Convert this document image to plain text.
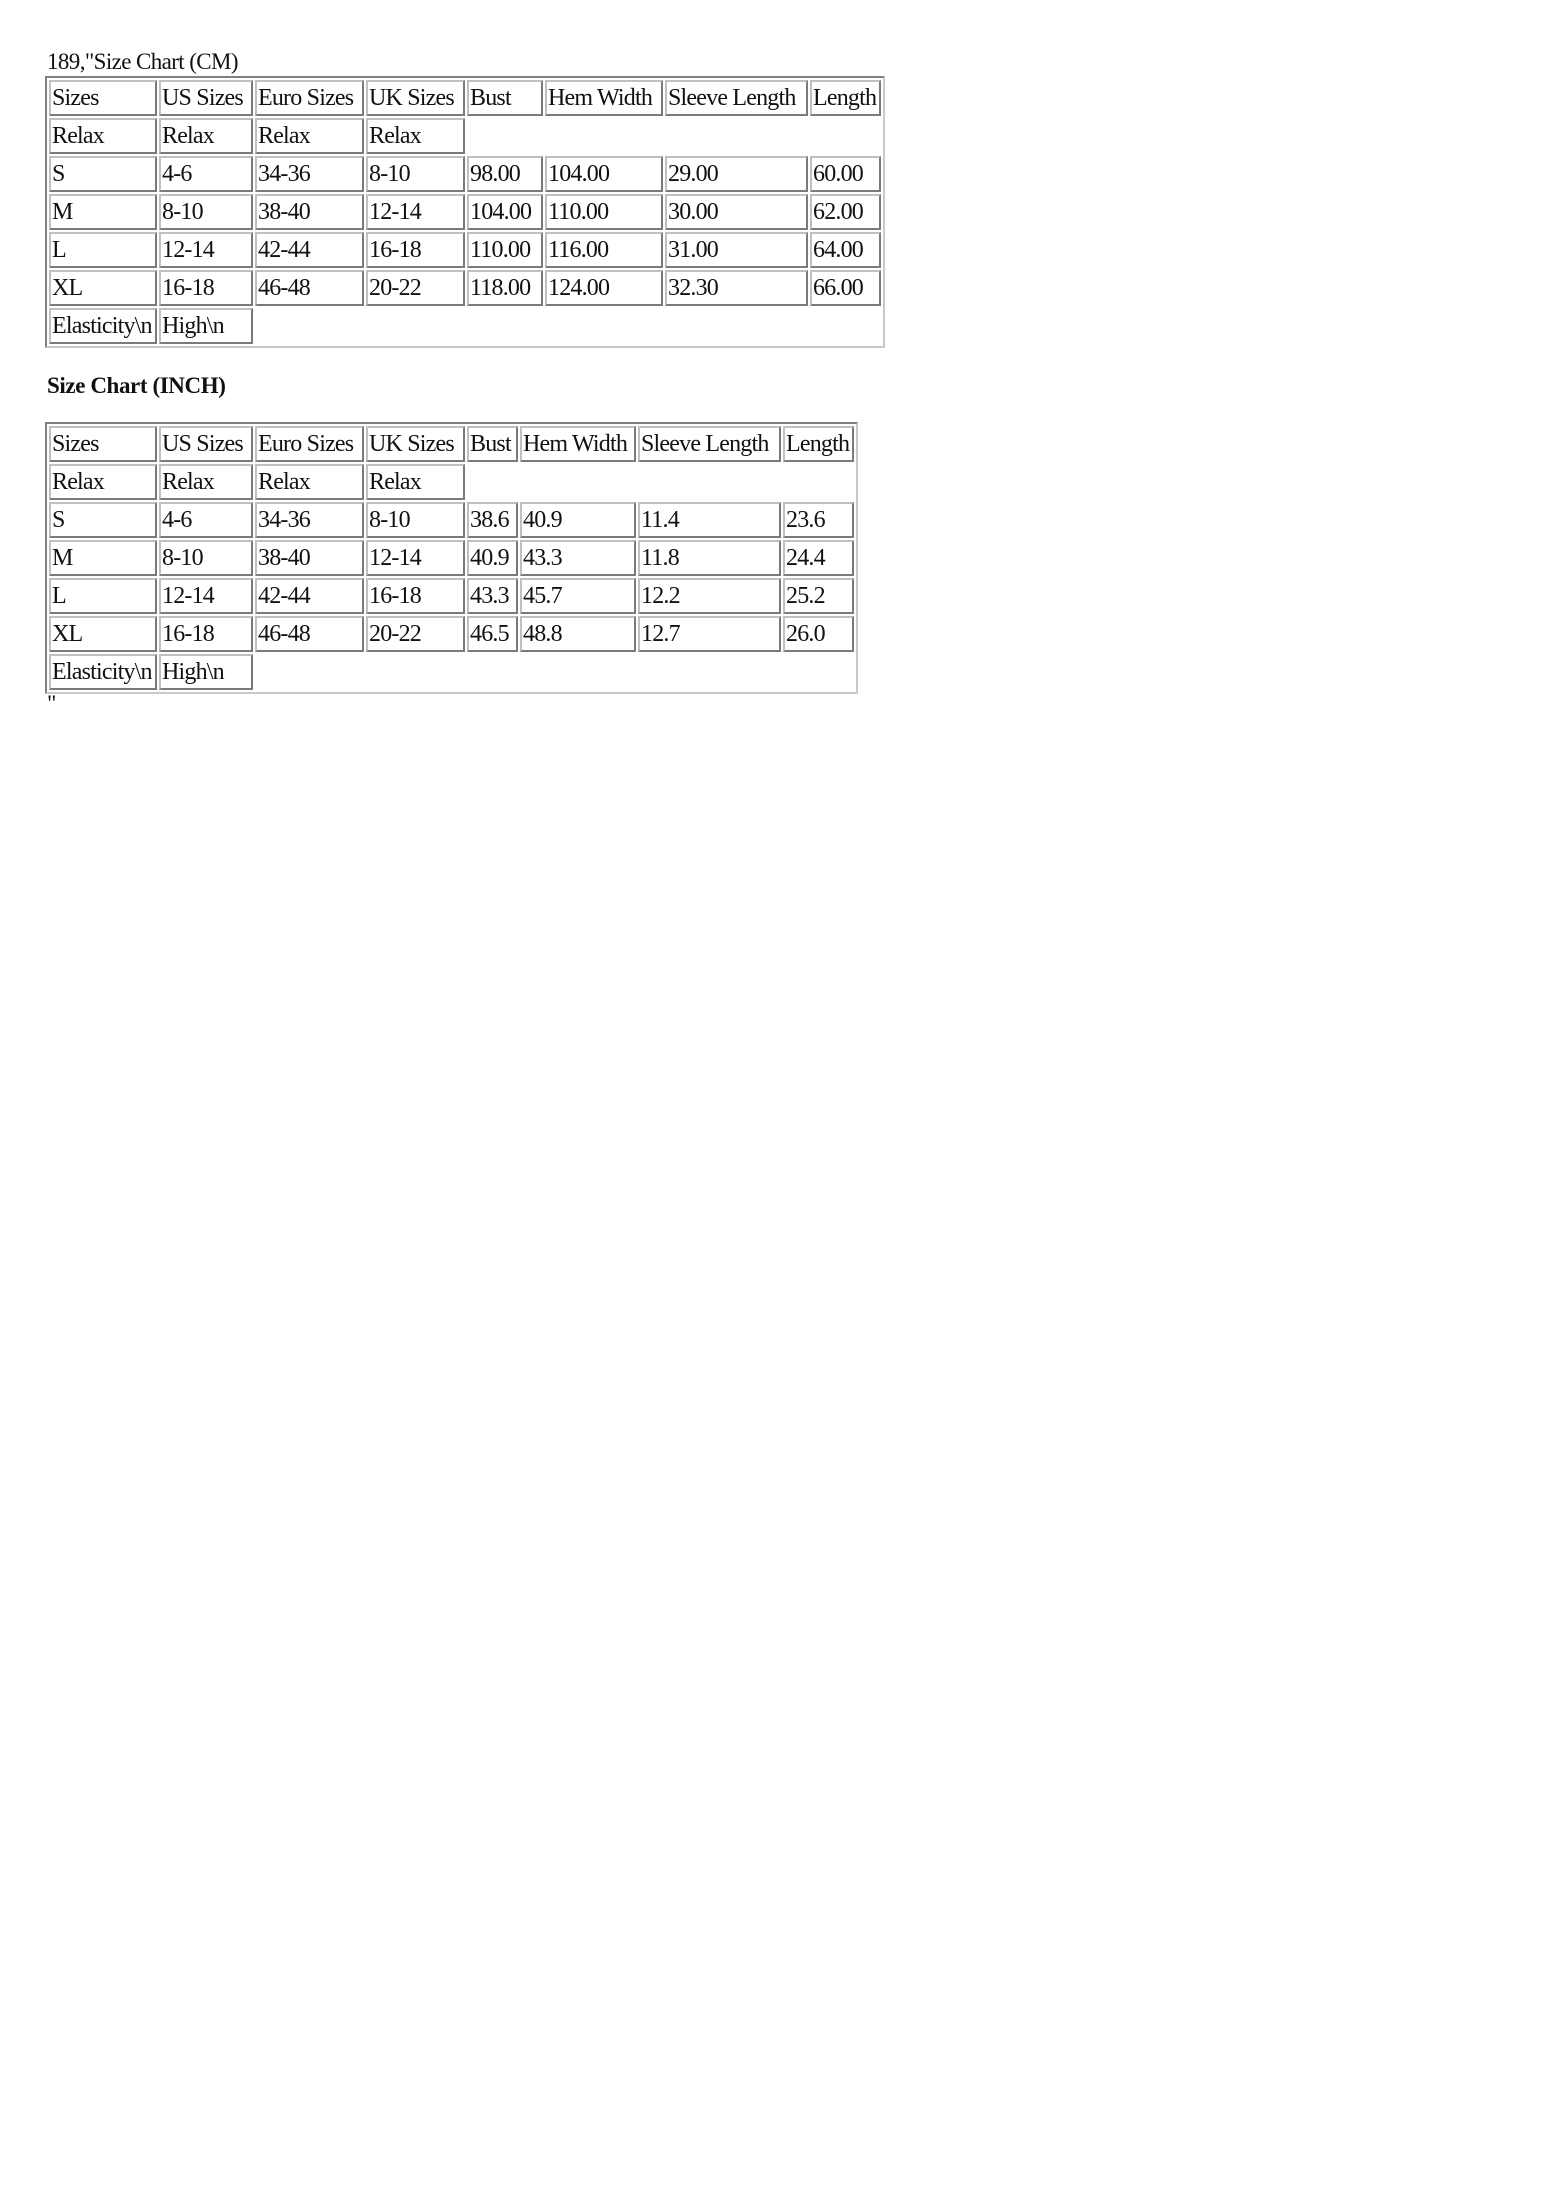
189,"Size Chart (CM)
Sizes	US Sizes	Euro Sizes	UK Sizes	Bust	Hem Width	Sleeve Length	Length
Relax	Relax	Relax	Relax				
S	4-6	34-36	8-10	98.00	104.00	29.00	60.00
M	8-10	38-40	12-14	104.00	110.00	30.00	62.00
L	12-14	42-44	16-18	110.00	116.00	31.00	64.00
XL	16-18	46-48	20-22	118.00	124.00	32.30	66.00
Elasticity\n	High\n						
Size Chart (INCH)
Sizes	US Sizes	Euro Sizes	UK Sizes	Bust	Hem Width	Sleeve Length	Length
Relax	Relax	Relax	Relax				
S	4-6	34-36	8-10	38.6	40.9	11.4	23.6
M	8-10	38-40	12-14	40.9	43.3	11.8	24.4
L	12-14	42-44	16-18	43.3	45.7	12.2	25.2
XL	16-18	46-48	20-22	46.5	48.8	12.7	26.0
Elasticity\n	High\n						
"
